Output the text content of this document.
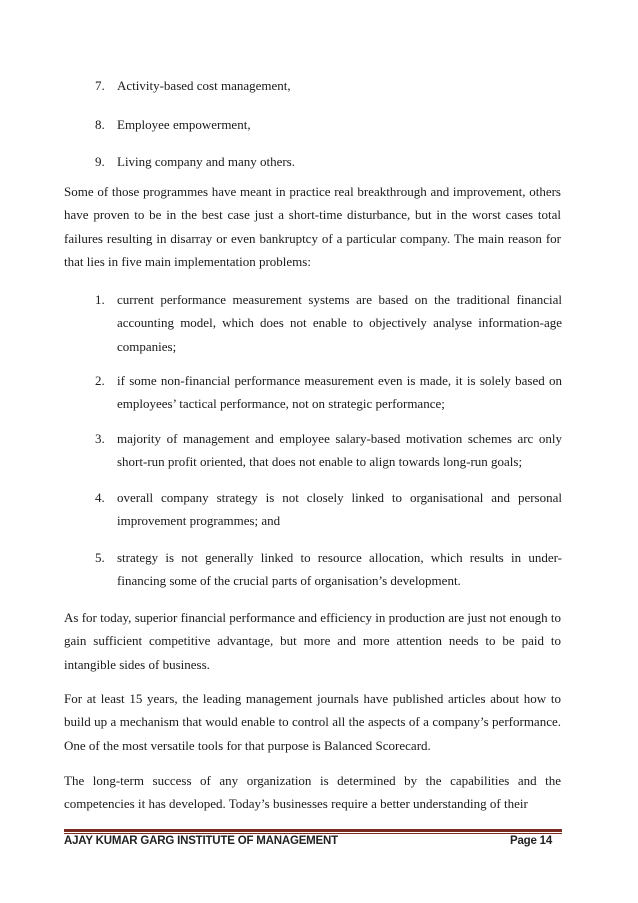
7. Activity-based cost management,
8. Employee empowerment,
9. Living company and many others.
Some of those programmes have meant in practice real breakthrough and improvement, others have proven to be in the best case just a short-time disturbance, but in the worst cases total failures resulting in disarray or even bankruptcy of a particular company. The main reason for that lies in five main implementation problems:
1. current performance measurement systems are based on the traditional financial accounting model, which does not enable to objectively analyse information-age companies;
2. if some non-financial performance measurement even is made, it is solely based on employees’ tactical performance, not on strategic performance;
3. majority of management and employee salary-based motivation schemes arc only short-run profit oriented, that does not enable to align towards long-run goals;
4. overall company strategy is not closely linked to organisational and personal improvement programmes; and
5. strategy is not generally linked to resource allocation, which results in under-financing some of the crucial parts of organisation’s development.
As for today, superior financial performance and efficiency in production are just not enough to gain sufficient competitive advantage, but more and more attention needs to be paid to intangible sides of business.
For at least 15 years, the leading management journals have published articles about how to build up a mechanism that would enable to control all the aspects of a company’s performance. One of the most versatile tools for that purpose is Balanced Scorecard.
The long-term success of any organization is determined by the capabilities and the competencies it has developed. Today’s businesses require a better understanding of their
AJAY KUMAR GARG INSTITUTE OF MANAGEMENT	Page 14
